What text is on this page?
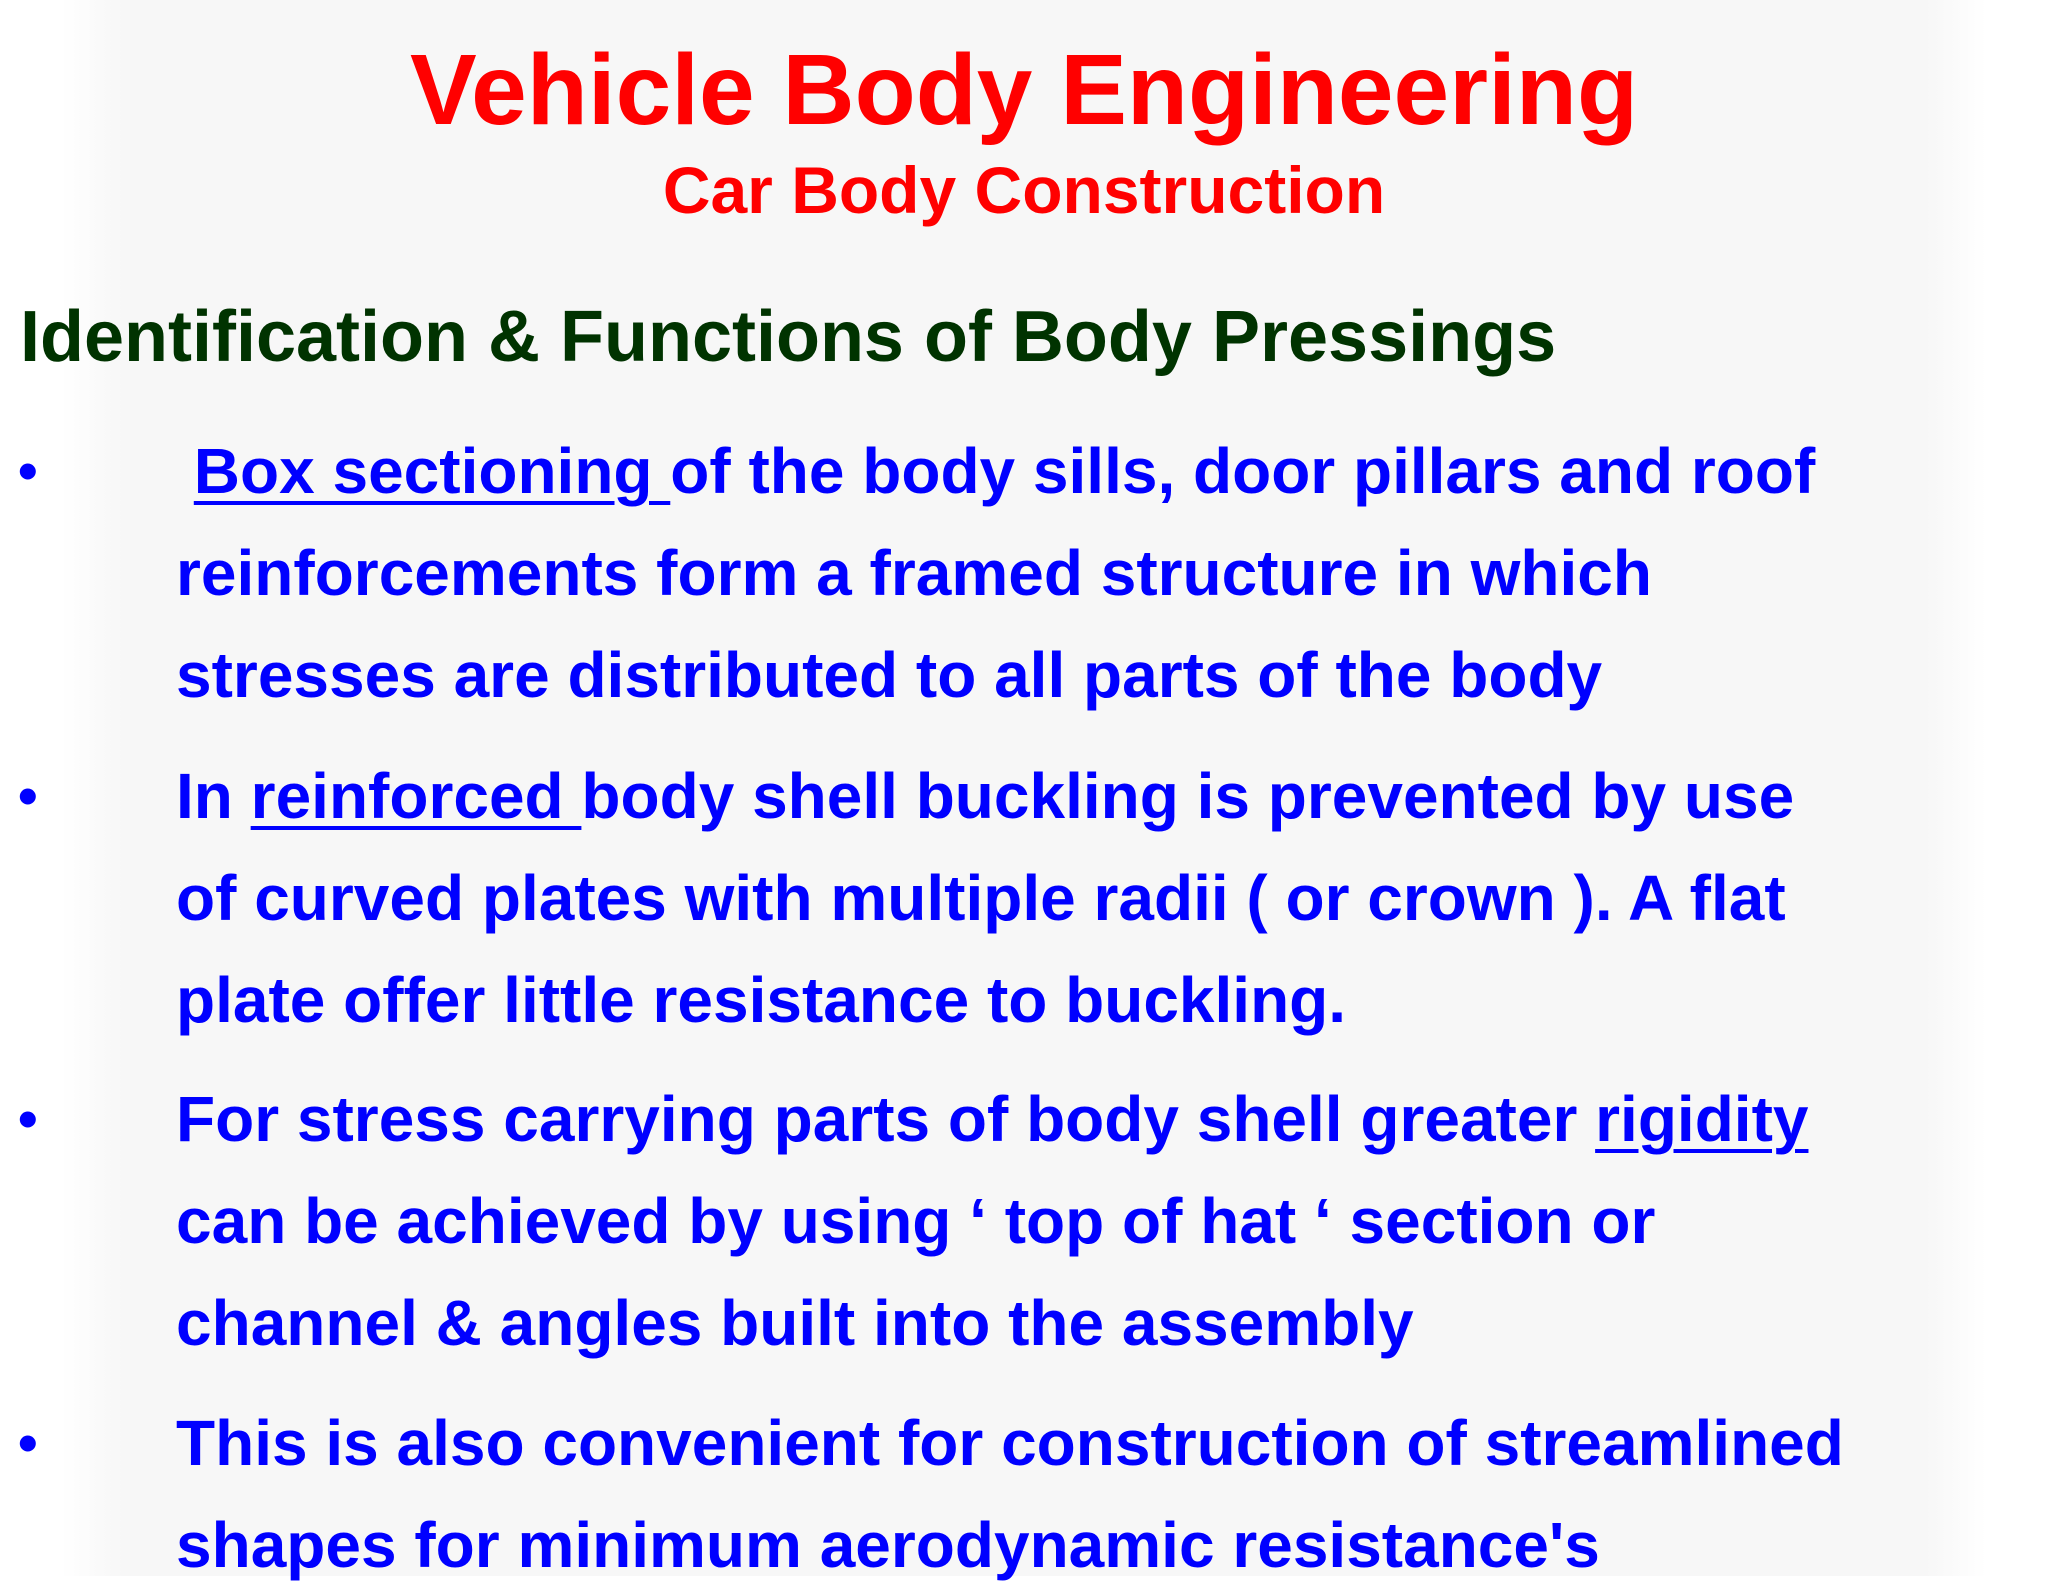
Vehicle Body Engineering
Car Body Construction
Identification & Functions of Body Pressings
• Box sectioning of the body sills, door pillars and roof
reinforcements form a framed structure in which
stresses are distributed to all parts of the body
• In reinforced body shell buckling is prevented by use
of curved plates with multiple radii ( or crown ). A flat
plate offer little resistance to buckling.
• For stress carrying parts of body shell greater rigidity
can be achieved by using ‘ top of hat ‘ section or
channel & angles built into the assembly
• This is also convenient for construction of streamlined
shapes for minimum aerodynamic resistance's
